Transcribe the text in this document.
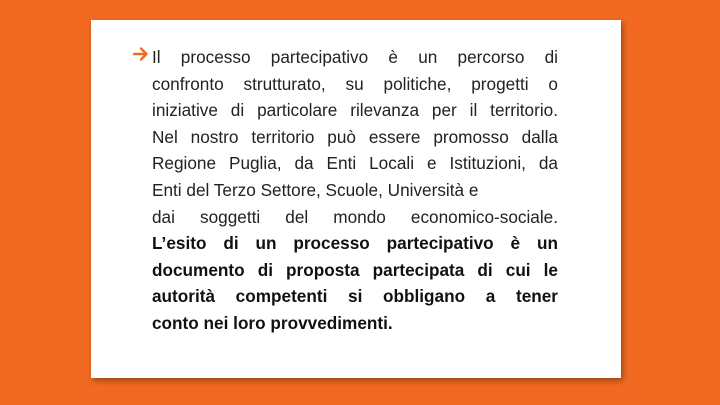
Il processo partecipativo è un percorso di
confronto strutturato, su politiche, progetti o
iniziative di particolare rilevanza per il territorio.
Nel nostro territorio può essere promosso dalla
Regione Puglia, da Enti Locali e Istituzioni, da
Enti del Terzo Settore, Scuole, Università e
dai soggetti del mondo economico-sociale.
L’esito di un processo partecipativo è un
documento di proposta partecipata di cui le
autorità competenti si obbligano a tener
conto nei loro provvedimenti.
